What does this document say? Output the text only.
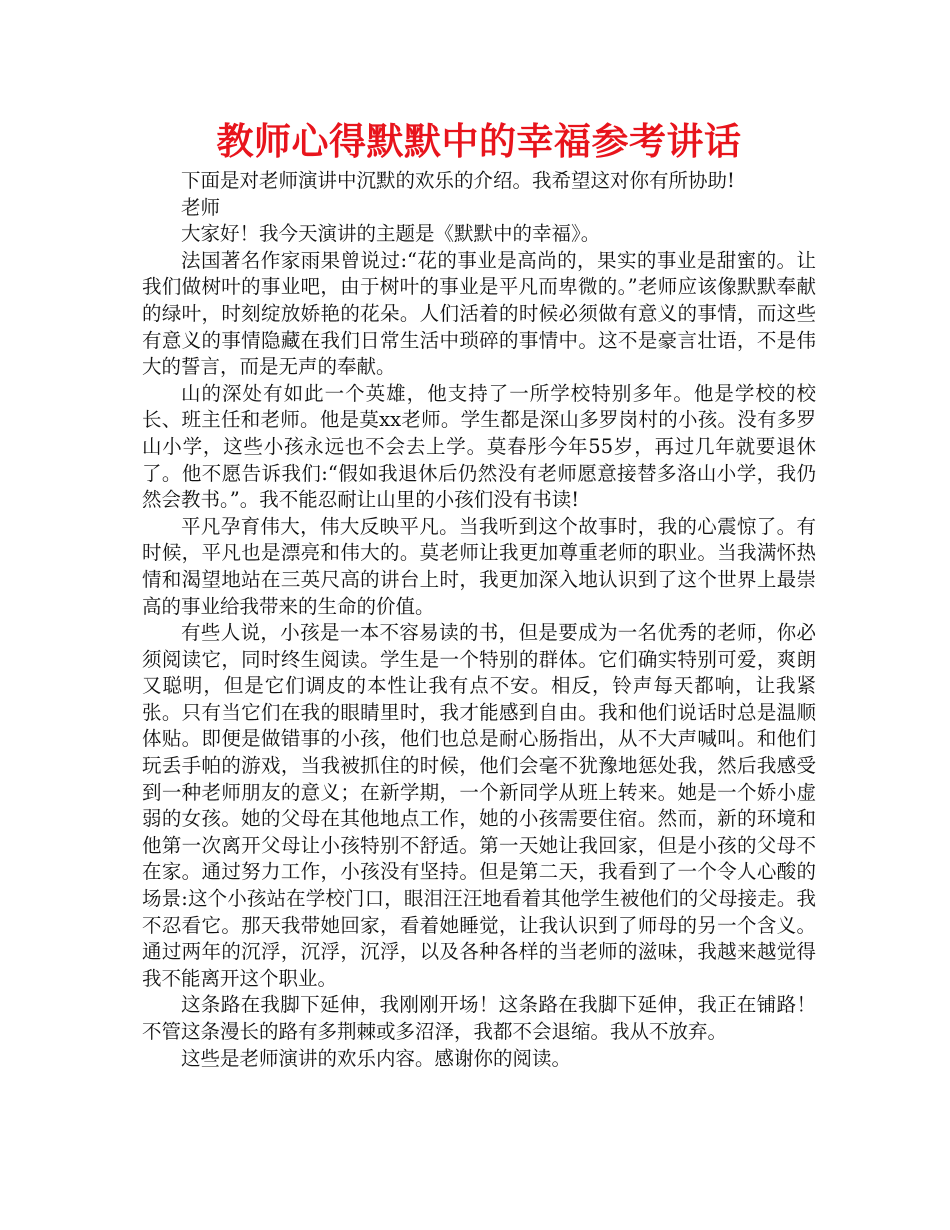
教师心得默默中的幸福参考讲话

下面是对老师演讲中沉默的欢乐的介绍。我希望这对你有所协助!

老师

大家好！我今天演讲的主题是《默默中的幸福》。

法国著名作家雨果曾说过:“花的事业是高尚的，果实的事业是甜蜜的。让我们做树叶的事业吧，由于树叶的事业是平凡而卑微的。”老师应该像默默奉献的绿叶，时刻绽放娇艳的花朵。人们活着的时候必须做有意义的事情，而这些有意义的事情隐藏在我们日常生活中琐碎的事情中。这不是豪言壮语，不是伟大的誓言，而是无声的奉献。

山的深处有如此一个英雄，他支持了一所学校特别多年。他是学校的校长、班主任和老师。他是莫xx老师。学生都是深山多罗岗村的小孩。没有多罗山小学，这些小孩永远也不会去上学。莫春彤今年55岁，再过几年就要退休了。他不愿告诉我们:“假如我退休后仍然没有老师愿意接替多洛山小学，我仍然会教书。”。我不能忍耐让山里的小孩们没有书读!

平凡孕育伟大，伟大反映平凡。当我听到这个故事时，我的心震惊了。有时候，平凡也是漂亮和伟大的。莫老师让我更加尊重老师的职业。当我满怀热情和渴望地站在三英尺高的讲台上时，我更加深入地认识到了这个世界上最崇高的事业给我带来的生命的价值。

有些人说，小孩是一本不容易读的书，但是要成为一名优秀的老师，你必须阅读它，同时终生阅读。学生是一个特别的群体。它们确实特别可爱，爽朗又聪明，但是它们调皮的本性让我有点不安。相反，铃声每天都响，让我紧张。只有当它们在我的眼睛里时，我才能感到自由。我和他们说话时总是温顺体贴。即便是做错事的小孩，他们也总是耐心肠指出，从不大声喊叫。和他们玩丢手帕的游戏，当我被抓住的时候，他们会毫不犹豫地惩处我，然后我感受到一种老师朋友的意义；在新学期，一个新同学从班上转来。她是一个娇小虚弱的女孩。她的父母在其他地点工作，她的小孩需要住宿。然而，新的环境和他第一次离开父母让小孩特别不舒适。第一天她让我回家，但是小孩的父母不在家。通过努力工作，小孩没有坚持。但是第二天，我看到了一个令人心酸的场景:这个小孩站在学校门口，眼泪汪汪地看着其他学生被他们的父母接走。我不忍看它。那天我带她回家，看着她睡觉，让我认识到了师母的另一个含义。通过两年的沉浮，沉浮，沉浮，以及各种各样的当老师的滋味，我越来越觉得我不能离开这个职业。

这条路在我脚下延伸，我刚刚开场！这条路在我脚下延伸，我正在铺路！不管这条漫长的路有多荆棘或多沼泽，我都不会退缩。我从不放弃。

这些是老师演讲的欢乐内容。感谢你的阅读。
